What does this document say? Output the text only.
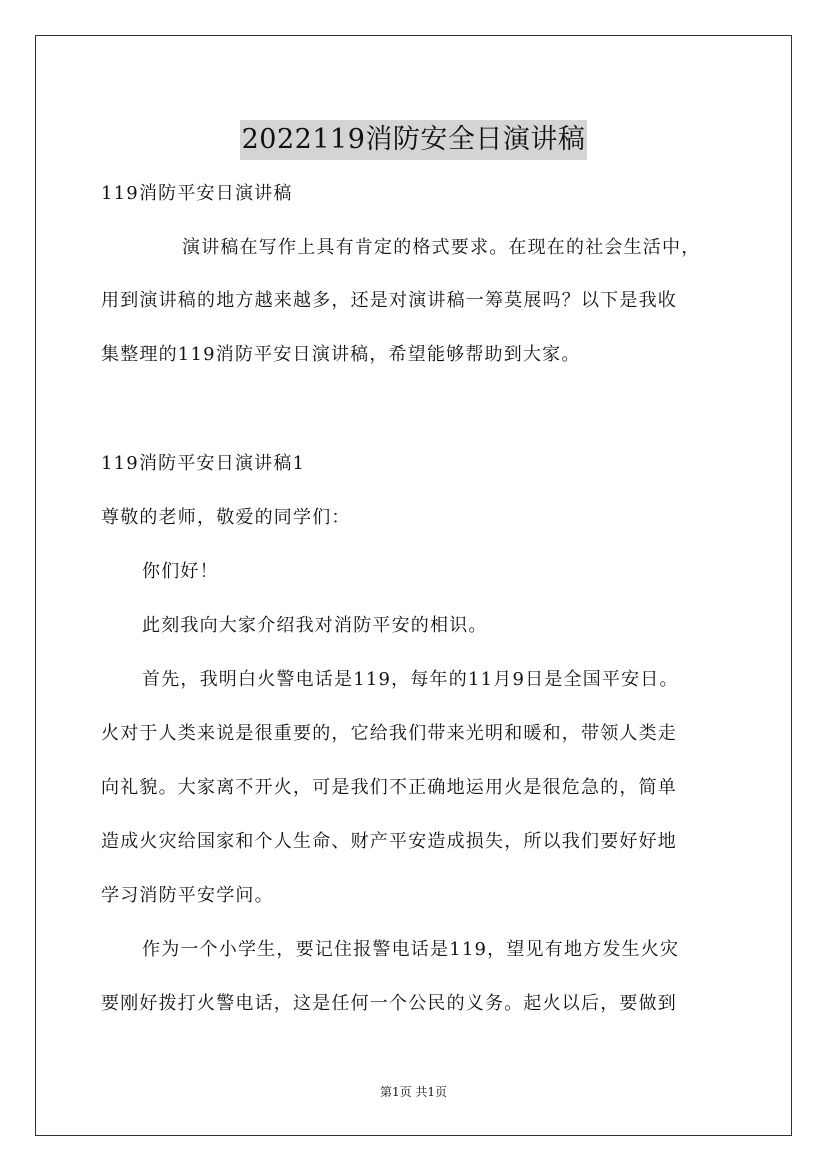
2022119消防安全日演讲稿
119消防平安日演讲稿
演讲稿在写作上具有肯定的格式要求。在现在的社会生活中，
用到演讲稿的地方越来越多，还是对演讲稿一筹莫展吗？以下是我收
集整理的119消防平安日演讲稿，希望能够帮助到大家。
119消防平安日演讲稿1
尊敬的老师，敬爱的同学们：
你们好！
此刻我向大家介绍我对消防平安的相识。
首先，我明白火警电话是119，每年的11月9日是全国平安日。
火对于人类来说是很重要的，它给我们带来光明和暖和，带领人类走
向礼貌。大家离不开火，可是我们不正确地运用火是很危急的，简单
造成火灾给国家和个人生命、财产平安造成损失，所以我们要好好地
学习消防平安学问。
作为一个小学生，要记住报警电话是119，望见有地方发生火灾
要刚好拨打火警电话，这是任何一个公民的义务。起火以后，要做到
第1页 共1页
